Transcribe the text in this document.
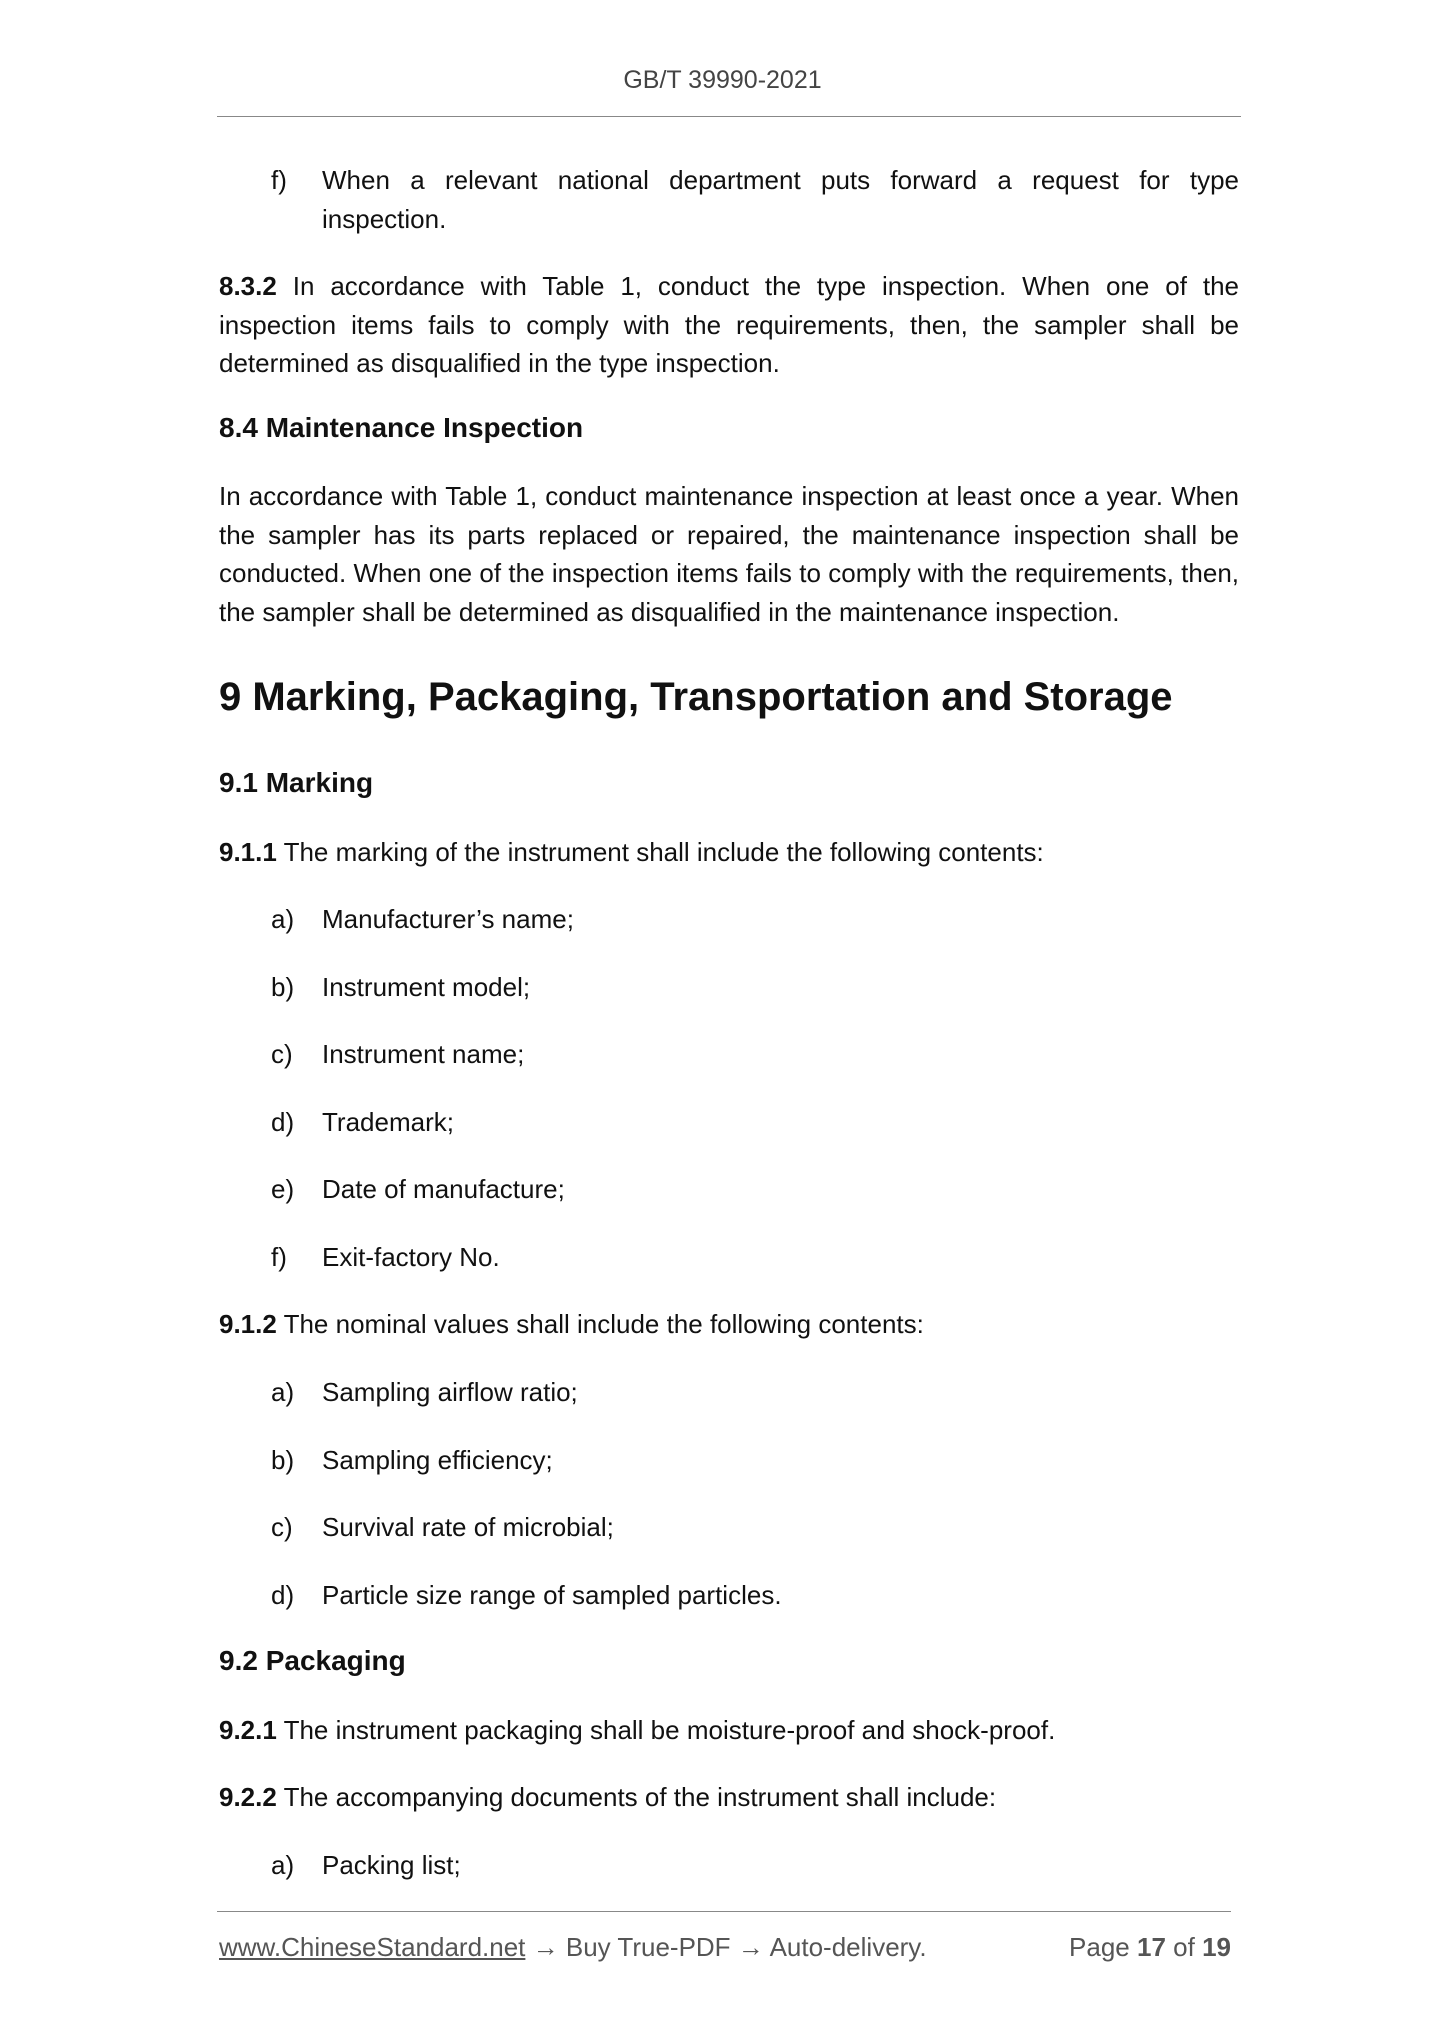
GB/T 39990-2021
f) When a relevant national department puts forward a request for type inspection.
8.3.2 In accordance with Table 1, conduct the type inspection. When one of the inspection items fails to comply with the requirements, then, the sampler shall be determined as disqualified in the type inspection.
8.4 Maintenance Inspection
In accordance with Table 1, conduct maintenance inspection at least once a year. When the sampler has its parts replaced or repaired, the maintenance inspection shall be conducted. When one of the inspection items fails to comply with the requirements, then, the sampler shall be determined as disqualified in the maintenance inspection.
9 Marking, Packaging, Transportation and Storage
9.1 Marking
9.1.1 The marking of the instrument shall include the following contents:
a) Manufacturer’s name;
b) Instrument model;
c) Instrument name;
d) Trademark;
e) Date of manufacture;
f) Exit-factory No.
9.1.2 The nominal values shall include the following contents:
a) Sampling airflow ratio;
b) Sampling efficiency;
c) Survival rate of microbial;
d) Particle size range of sampled particles.
9.2 Packaging
9.2.1 The instrument packaging shall be moisture-proof and shock-proof.
9.2.2 The accompanying documents of the instrument shall include:
a) Packing list;
www.ChineseStandard.net → Buy True-PDF → Auto-delivery.	Page 17 of 19
